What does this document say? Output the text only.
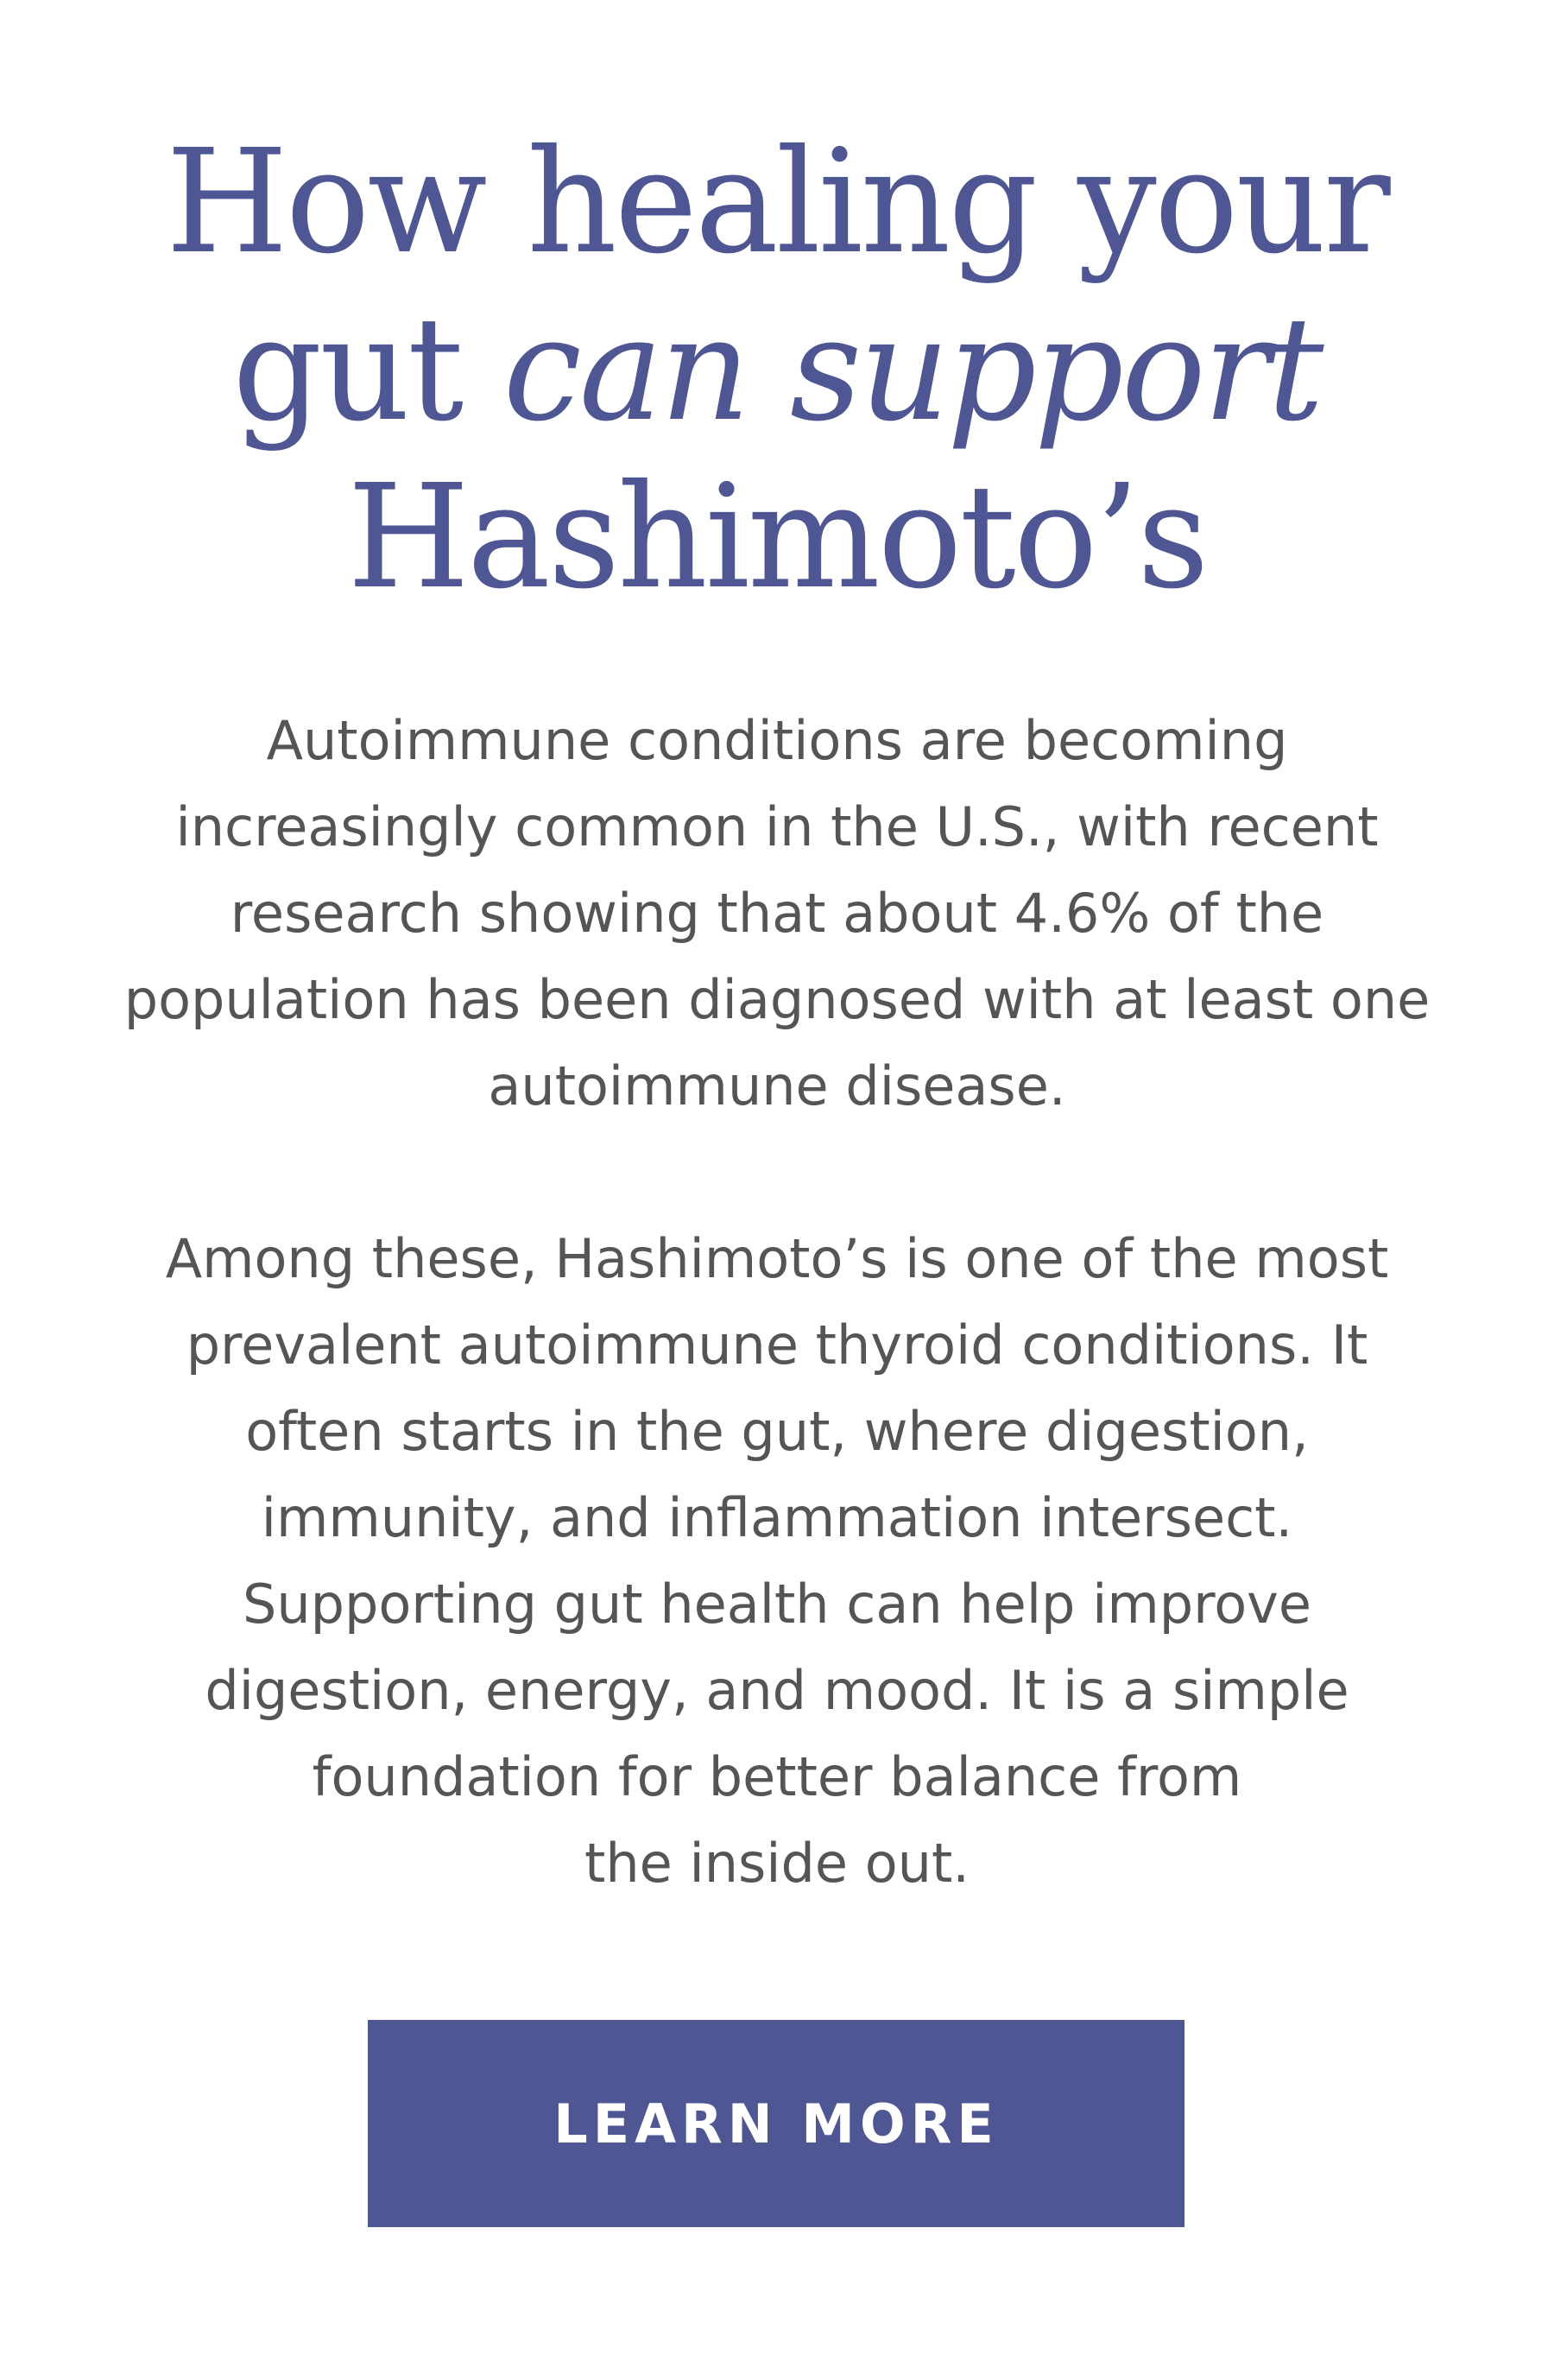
How healing your
gut can support
Hashimoto’s

Autoimmune conditions are becoming
increasingly common in the U.S., with recent
research showing that about 4.6% of the
population has been diagnosed with at least one
autoimmune disease.

Among these, Hashimoto’s is one of the most
prevalent autoimmune thyroid conditions. It
often starts in the gut, where digestion,
immunity, and inflammation intersect.
Supporting gut health can help improve
digestion, energy, and mood. It is a simple
foundation for better balance from
the inside out.

LEARN MORE
